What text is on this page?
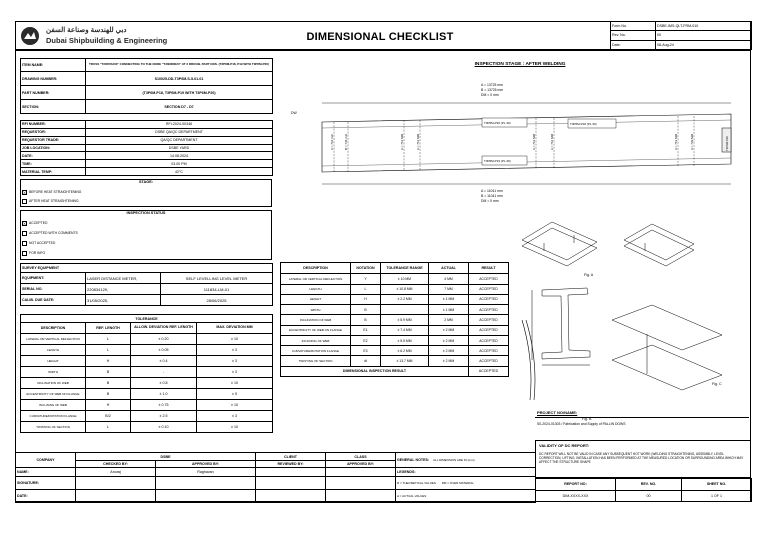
دبي للهندسة وصناعة السفن
Dubai Shipbuilding & Engineering	DIMENSIONAL CHECKLIST
Form No.	DSBE-IMS-QLT-FRM-010
Rev. No.	00
Date:	08-Aug-24
ITEM NAME:	TRUSS "T30FPA203" CONNECTING TO THE NODE "T33NR0024" AT 3 DROOB, PART NOS. (T3P6M-P18, P19 WITH T3P6M-P20)
DRAWING NUMBER:	S10025-DD-T3P6M-S-5-01-01
PART NUMBER:	(T3P6M-P18, T3P6M-P19 WITH T3P6M-P20)
SECTION:	SECTION D7 - D7
RFI NUMBER:	RFI-2024-00346
REQUESTOR:	DSBE QA/QC DEPARTMENT
REQUESTOR TRADE:	QA/QC DEPARTMENT
JOB LOCATION:	DSBE YARD
DATE:	14.08.2024
TIME:	03.00 PM
MATERIAL TEMP:	42°C
STAGE:
X BEFORE HEAT STRAIGHTENING
AFTER HEAT STRAIGHTENING
INSPECTION STATUS
X ACCEPTED
ACCEPTED WITH COMMENTS
NOT ACCEPTED
FOR INFO
SURVEY EQUIPMENT		
EQUIPMENT:	LASER DISTANCE METER,	SELF LEVELLING LEVEL METER
SERIAL NO.	220834129,	111834-LM-01
CALIB. DUE DATE:	31/05/2025,	28/06/2025
TOLERANCE			
DESCRIPTION	REF. LENGTH	ALLOW. DEVIATION REF. LENGTH	MAX. DEVIATION MM
LATERAL OR VERTICAL DEFLECTION	L	± 0.20	± 10
LENGTH	L	± 0.05	± 3
HEIGHT	H	± 0.4	± 3
WIDTH	B	-	± 3
INCLINATION OF WEB	B	± 0.8	± 10
ECCENTRICITY OF WEB ON FLANGE	B	± 1.0	± 5
INCLINING OF WEB	H	± 0.75	± 10
CURVATURE/ROTATION FLANGE	B/2	± 2.5	± 3
TWISTING OF SECTION	L	± 0.10	± 10
INSPECTION STAGE : AFTER WELDING
A = 13725 mm
B = 13725 mm
DM = 0 mm
DW
A = 744 mm	B = 744 mm	A = 741 MM	A = 741 MM	A = 741 MM	A = 741 MM	A = 741 MM	A = 739 MM
T3P6M-P20 (PL 30)	T3P6M-P18 (PL 30)
T3P6M-P19 (PL 30)
T3P6M-P20
A = 11041 mm
B = 11041 mm
DM = 0 mm
DESCRIPTION	NOTATION	TOLERANCE RANGE	ACTUAL	RESULT
LATERAL OR VERTICAL DEFLECTION	Y	± 10 MM	4 MM	ACCEPTED
LENGTH	L	± 10.8 MM	7 MM	ACCEPTED
HEIGHT	H	± 2.2 MM	± 1 MM	ACCEPTED
WIDTH	B		± 1 MM	ACCEPTED
INCLINATION OF WEB	B	± 5.9 MM	2 MM	ACCEPTED
ECCENTRICITY OF WEB ON FLANGE	E1	± 7.4 MM	± 2 MM	ACCEPTED
INCLINING OF WEB	E2	± 5.5 MM	± 2 MM	ACCEPTED
CURVATURE/ROTATION FLANGE	E3	± 6.2 MM	± 2 MM	ACCEPTED
TWISTING OF SECTION	dt	± 13.7 MM	± 2 MM	ACCEPTED
DIMENSIONAL INSPECTION RESULT				ACCEPTED
Fig. A
Fig. B
Fig. C
PROJECT NO/NAME:
S0-2024-01303 / Fabrication and Supply of PALLIN DOWS
VALIDITY OF DC REPORT:
DC REPORT WILL NOT BE VALID IN CASE ANY SUBSEQUENT HOT WORK (WELDING STRAIGHTENING, ASSEMBLY, LEVEL CORRECTION, LIFTING, INSTALLATION HAS BEEN PERFORMED AT THE MEASURED LOCATION OR SURROUNDING AREA WHICH MAY AFFECT THE STRUCTURE SHAPE
COMPANY	DSBE		CLIENT	CLASS	GENERAL NOTES: ALL DIMENSION ARE IN (mm)
	CHECKED BY:	APPROVED BY:	REVIEWED BY:	APPROVED BY:	
NAME:	Anuraj	Raghavan			LEGENDS:
SIGNATURE:					R = THEORETICAL VALUES DM = OVER MATERIAL
DATE:					A = ACTUAL VALUES
REPORT NO:	REV. NO.	SHEET NO.
DIM-XXXX-XXX	00	1 OF 1
